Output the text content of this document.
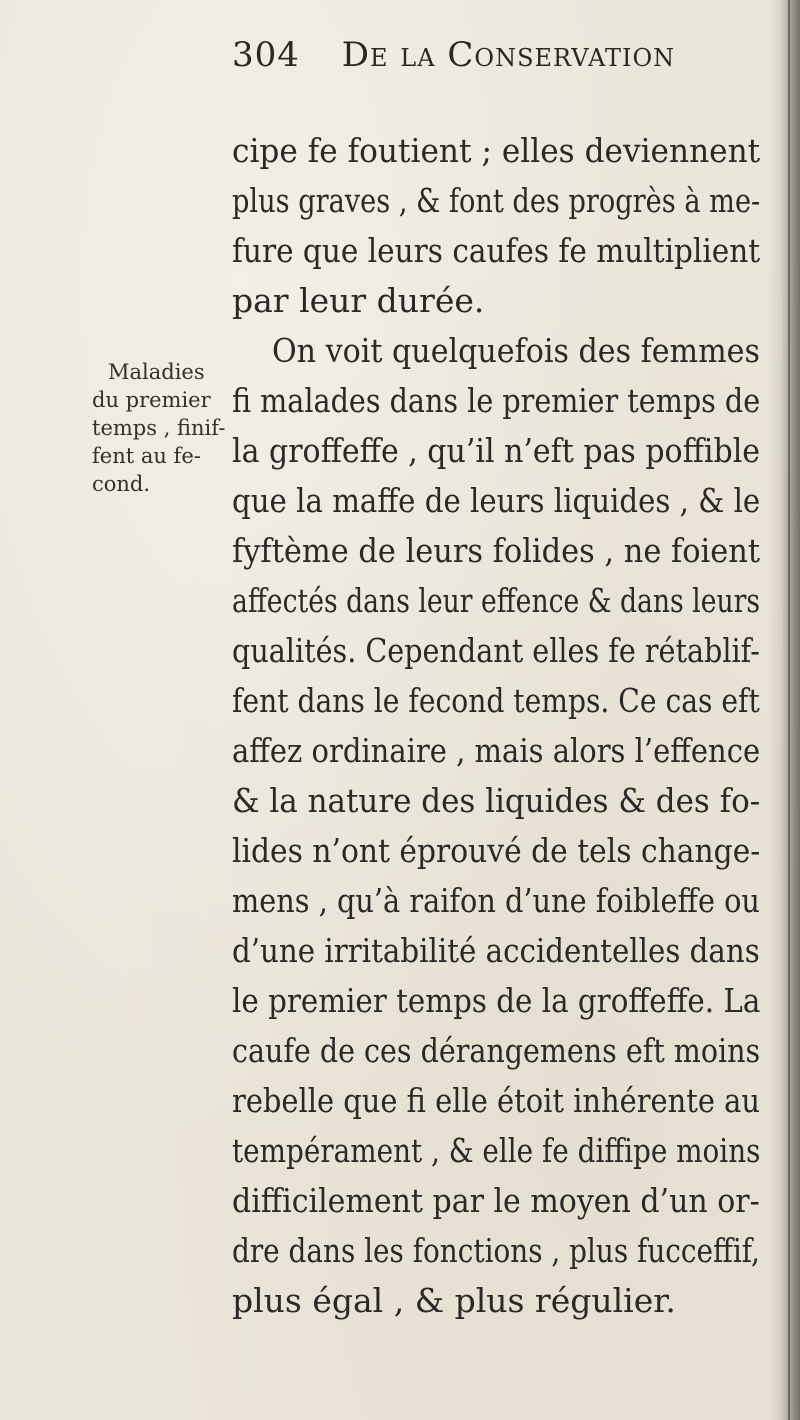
304 De la Conservation
Maladies
du premier
temps , finif-
fent au fe-
cond.
cipe fe foutient ; elles deviennent
plus graves , & font des progrès à me-
fure que leurs caufes fe multiplient
par leur durée.
On voit quelquefois des femmes
fi malades dans le premier temps de
la groffeffe , qu’il n’eft pas poffible
que la maffe de leurs liquides , & le
fyftème de leurs folides , ne foient
affectés dans leur effence & dans leurs
qualités. Cependant elles fe rétablif-
fent dans le fecond temps. Ce cas eft
affez ordinaire , mais alors l’effence
& la nature des liquides & des fo-
lides n’ont éprouvé de tels change-
mens , qu’à raifon d’une foibleffe ou
d’une irritabilité accidentelles dans
le premier temps de la groffeffe. La
caufe de ces dérangemens eft moins
rebelle que fi elle étoit inhérente au
tempérament , & elle fe diffipe moins
difficilement par le moyen d’un or-
dre dans les fonctions , plus fucceffif,
plus égal , & plus régulier.
